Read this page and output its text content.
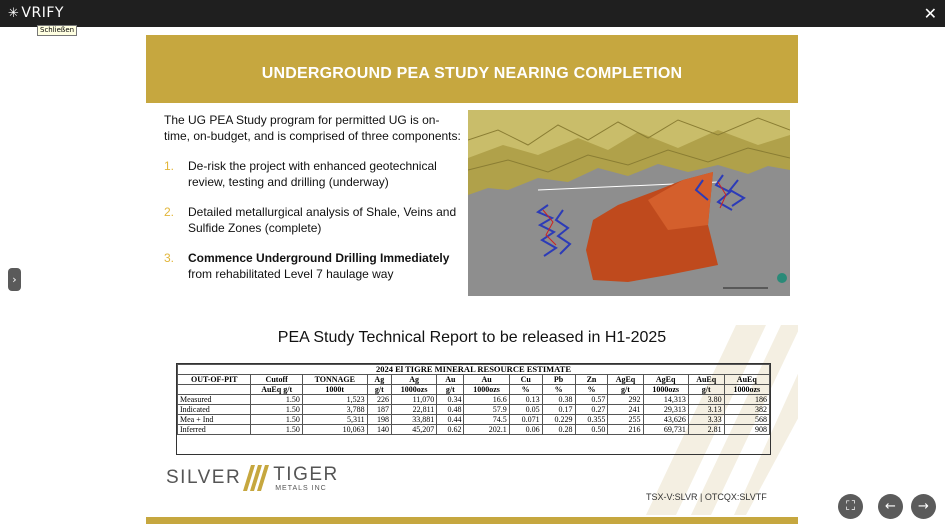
✳ VRIFY	✕
Schließen
›
UNDERGROUND PEA STUDY NEARING COMPLETION

The UG PEA Study program for permitted UG is on-time, on-budget, and is comprised of three components:

1.	De-risk the project with enhanced geotechnical review, testing and drilling (underway)
2.	Detailed metallurgical analysis of Shale, Veins and Sulfide Zones (complete)
3.	Commence Underground Drilling Immediately from rehabilitated Level 7 haulage way
PEA Study Technical Report to be released in H1-2025
2024 El TIGRE MINERAL RESOURCE ESTIMATE													
OUT-OF-PIT	Cutoff	TONNAGE	Ag	Ag	Au	Au	Cu	Pb	Zn	AgEq	AgEq	AuEq	AuEq
	AuEq g/t	1000t	g/t	1000ozs	g/t	1000ozs	%	%	%	g/t	1000ozs	g/t	1000ozs
Measured	1.50	1,523	226	11,070	0.34	16.6	0.13	0.38	0.57	292	14,313	3.80	186
Indicated	1.50	3,788	187	22,811	0.48	57.9	0.05	0.17	0.27	241	29,313	3.13	382
Mea + Ind	1.50	5,311	198	33,881	0.44	74.5	0.071	0.229	0.355	255	43,626	3.33	568
Inferred	1.50	10,063	140	45,207	0.62	202.1	0.06	0.28	0.50	216	69,731	2.81	908
SILVER TIGER
METALS INC
TSX-V:SLVR | OTCQX:SLVTF
⛶ ← →
